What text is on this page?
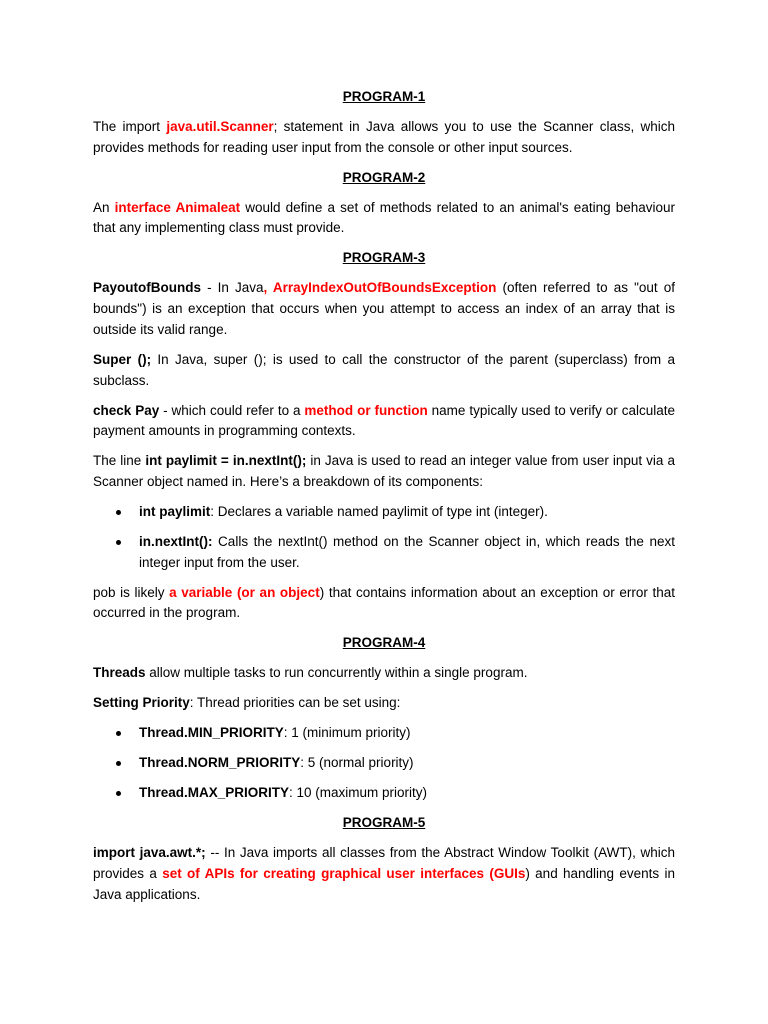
PROGRAM-1

The import java.util.Scanner; statement in Java allows you to use the Scanner class, which provides methods for reading user input from the console or other input sources.

PROGRAM-2

An interface Animaleat would define a set of methods related to an animal's eating behaviour that any implementing class must provide.

PROGRAM-3

PayoutofBounds - In Java, ArrayIndexOutOfBoundsException (often referred to as "out of bounds") is an exception that occurs when you attempt to access an index of an array that is outside its valid range.

Super (); In Java, super (); is used to call the constructor of the parent (superclass) from a subclass.

check Pay - which could refer to a method or function name typically used to verify or calculate payment amounts in programming contexts.

The line int paylimit = in.nextInt(); in Java is used to read an integer value from user input via a Scanner object named in. Here’s a breakdown of its components:

int paylimit: Declares a variable named paylimit of type int (integer).
in.nextInt(): Calls the nextInt() method on the Scanner object in, which reads the next integer input from the user.

pob is likely a variable (or an object) that contains information about an exception or error that occurred in the program.

PROGRAM-4

Threads allow multiple tasks to run concurrently within a single program.

Setting Priority: Thread priorities can be set using:

Thread.MIN_PRIORITY: 1 (minimum priority)
Thread.NORM_PRIORITY: 5 (normal priority)
Thread.MAX_PRIORITY: 10 (maximum priority)
PROGRAM-5

import java.awt.*; -- In Java imports all classes from the Abstract Window Toolkit (AWT), which provides a set of APIs for creating graphical user interfaces (GUIs) and handling events in Java applications.
